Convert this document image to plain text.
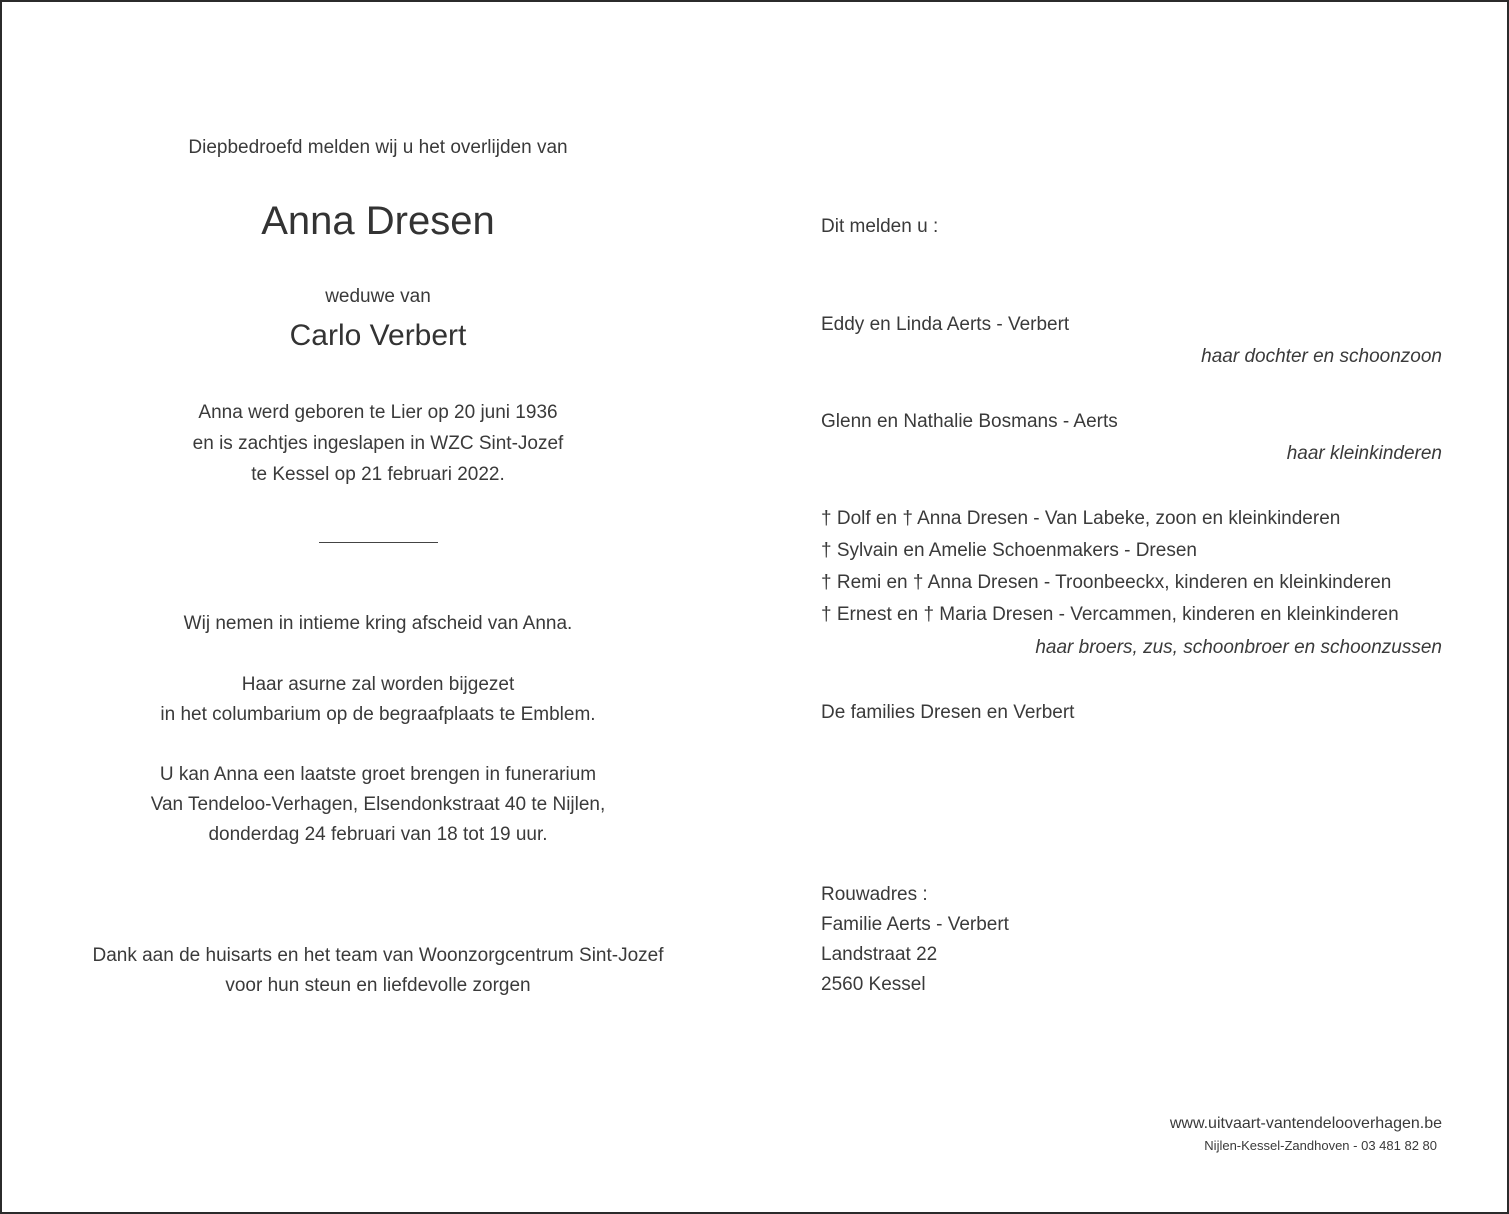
Diepbedroefd melden wij u het overlijden van
Anna Dresen
weduwe van
Carlo Verbert
Anna werd geboren te Lier op 20 juni 1936
en is zachtjes ingeslapen in WZC Sint-Jozef
te Kessel op 21 februari 2022.
Wij nemen in intieme kring afscheid van Anna.
Haar asurne zal worden bijgezet
in het columbarium op de begraafplaats te Emblem.
U kan Anna een laatste groet brengen in funerarium
Van Tendeloo-Verhagen, Elsendonkstraat 40 te Nijlen,
donderdag 24 februari van 18 tot 19 uur.
Dank aan de huisarts en het team van Woonzorgcentrum Sint-Jozef
voor hun steun en liefdevolle zorgen
Dit melden u :
Eddy en Linda Aerts - Verbert
haar dochter en schoonzoon
Glenn en Nathalie Bosmans - Aerts
haar kleinkinderen
† Dolf en † Anna Dresen - Van Labeke, zoon en kleinkinderen
† Sylvain en Amelie Schoenmakers - Dresen
† Remi en † Anna Dresen - Troonbeeckx, kinderen en kleinkinderen
† Ernest en † Maria Dresen - Vercammen, kinderen en kleinkinderen
haar broers, zus, schoonbroer en schoonzussen
De families Dresen en Verbert
Rouwadres :
Familie Aerts - Verbert
Landstraat 22
2560 Kessel
www.uitvaart-vantendelooverhagen.be
Nijlen-Kessel-Zandhoven - 03 481 82 80
